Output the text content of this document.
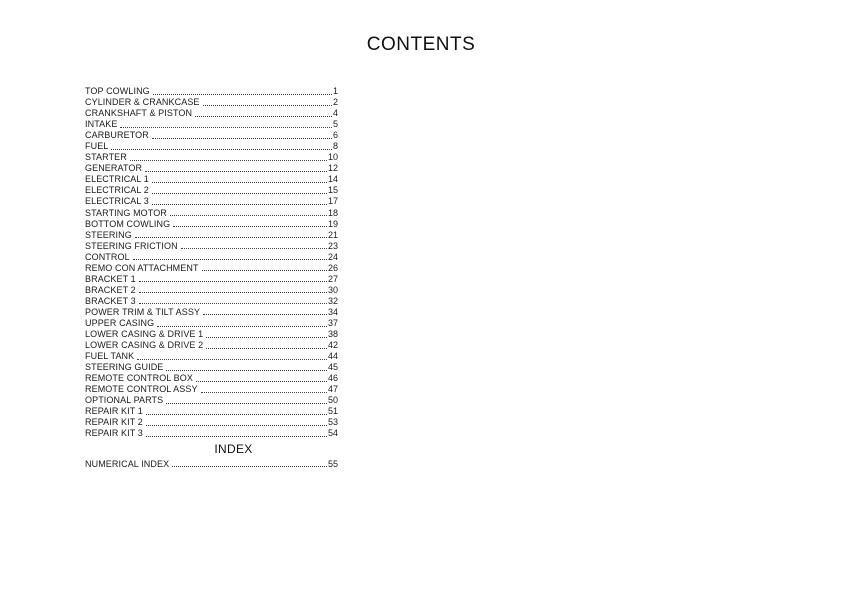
CONTENTS
TOP COWLING	1
CYLINDER & CRANKCASE	2
CRANKSHAFT & PISTON	4
INTAKE	5
CARBURETOR	6
FUEL	8
STARTER	10
GENERATOR	12
ELECTRICAL 1	14
ELECTRICAL 2	15
ELECTRICAL 3	17
STARTING MOTOR	18
BOTTOM COWLING	19
STEERING	21
STEERING FRICTION	23
CONTROL	24
REMO CON ATTACHMENT	26
BRACKET 1	27
BRACKET 2	30
BRACKET 3	32
POWER TRIM & TILT ASSY	34
UPPER CASING	37
LOWER CASING & DRIVE 1	38
LOWER CASING & DRIVE 2	42
FUEL TANK	44
STEERING GUIDE	45
REMOTE CONTROL BOX	46
REMOTE CONTROL ASSY	47
OPTIONAL PARTS	50
REPAIR KIT 1	51
REPAIR KIT 2	53
REPAIR KIT 3	54
INDEX
NUMERICAL INDEX	55
